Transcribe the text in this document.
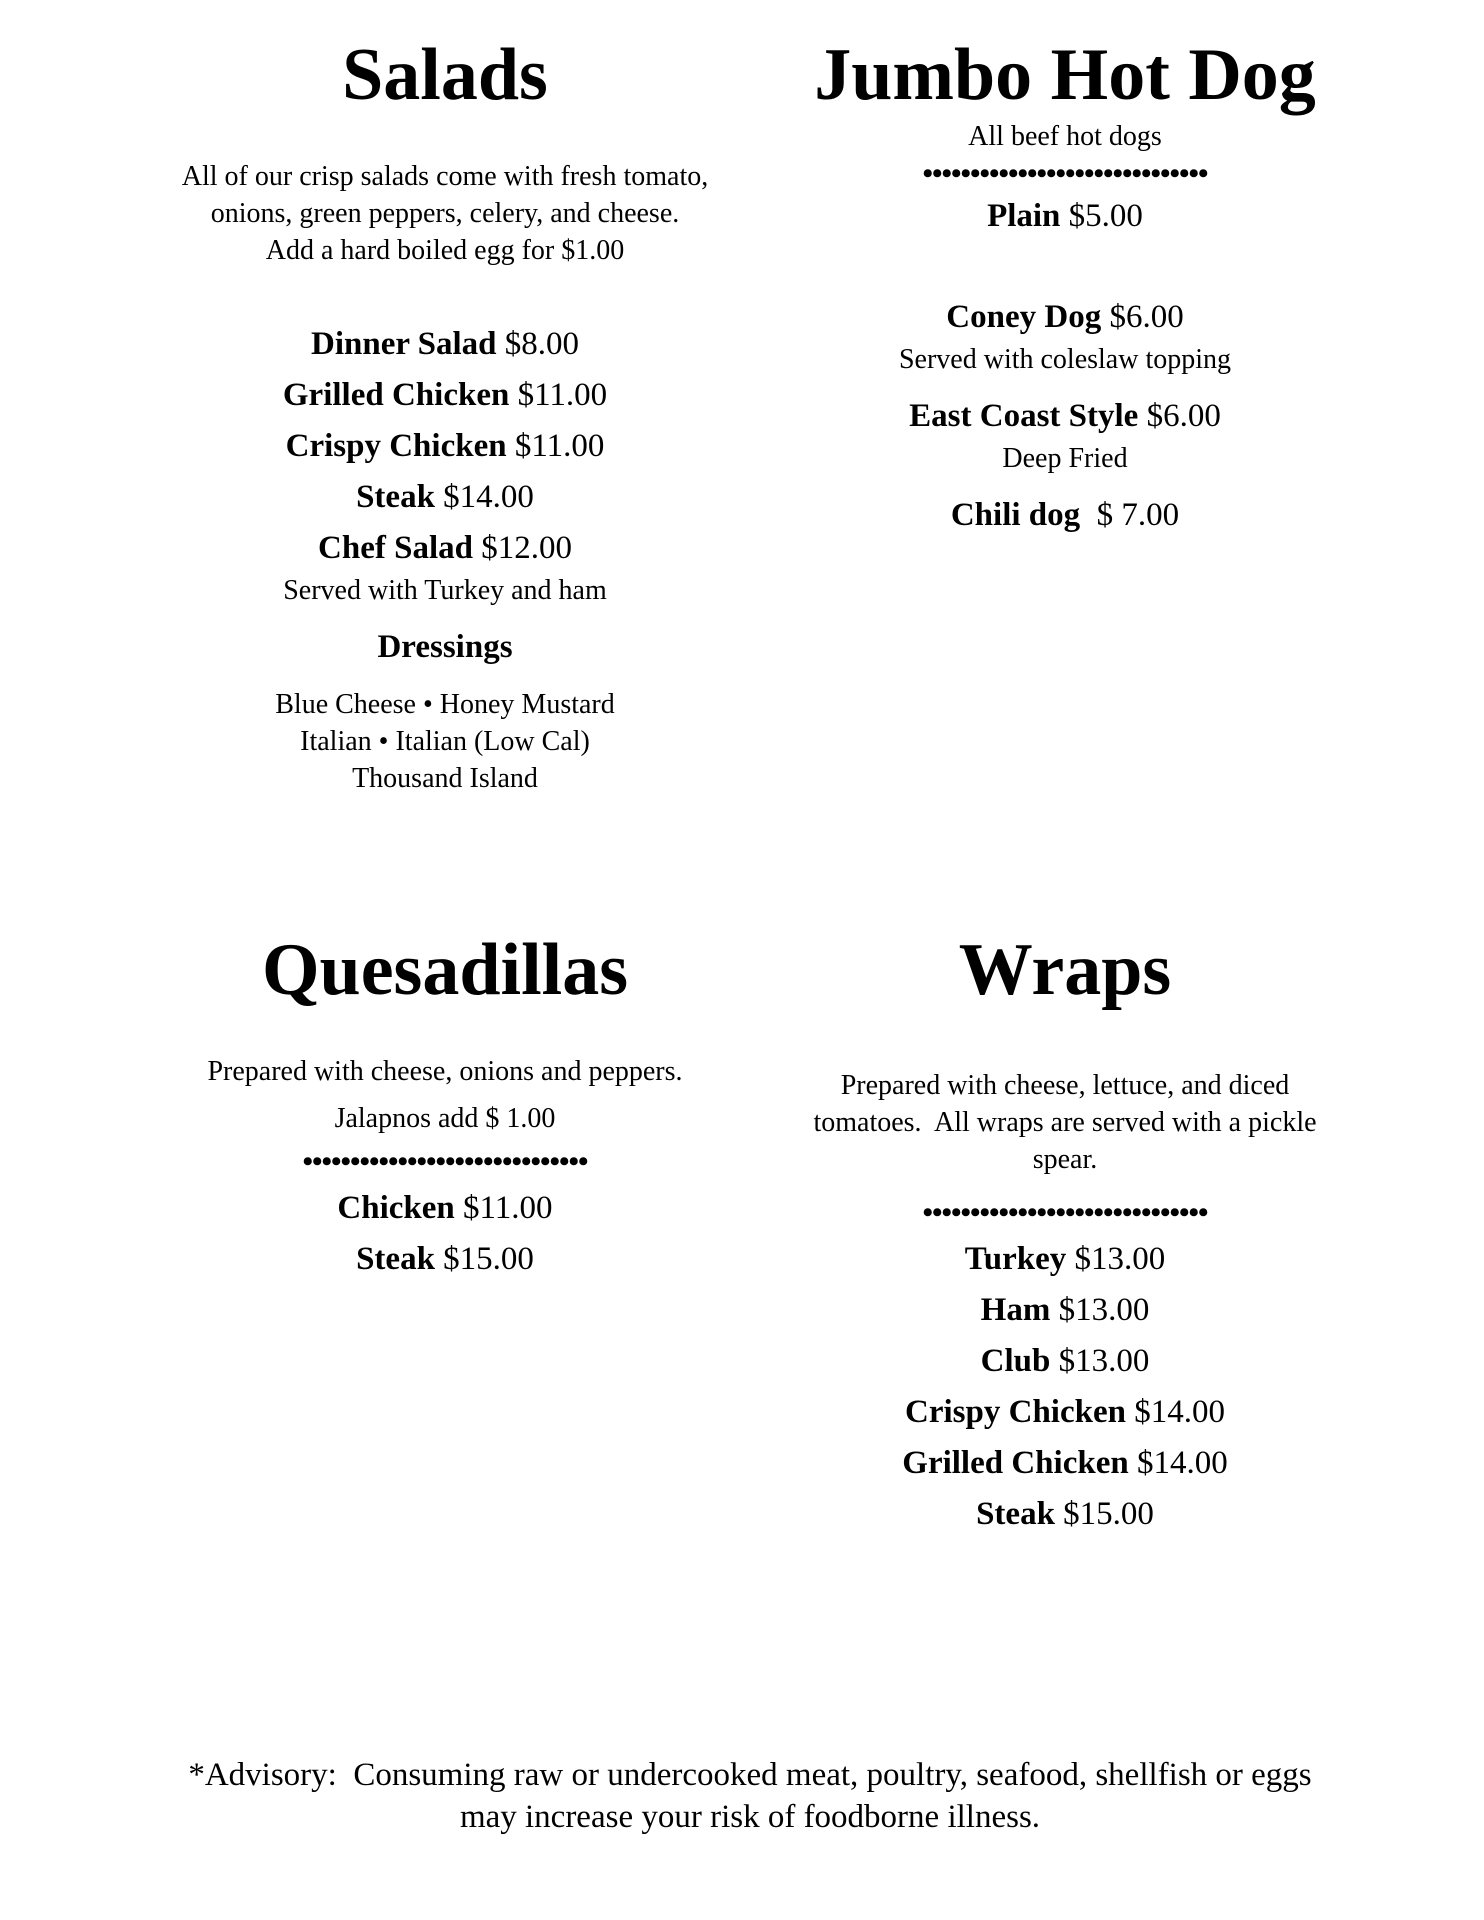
Salads

All of our crisp salads come with fresh tomato,

onions, green peppers, celery, and cheese.

Add a hard boiled egg for $1.00

Dinner Salad $8.00

Grilled Chicken $11.00

Crispy Chicken $11.00

Steak $14.00

Chef Salad $12.00

Served with Turkey and ham

Dressings

Blue Cheese • Honey Mustard

Italian • Italian (Low Cal)

Thousand Island

Jumbo Hot Dog

All beef hot dogs

••••••••••••••••••••••••••••••

Plain $5.00

Coney Dog $6.00

Served with coleslaw topping

East Coast Style $6.00

Deep Fried

Chili dog  $ 7.00

Quesadillas

Prepared with cheese, onions and peppers.

Jalapnos add $ 1.00

••••••••••••••••••••••••••••••

Chicken $11.00

Steak $15.00

Wraps

Prepared with cheese, lettuce, and diced

tomatoes.  All wraps are served with a pickle

spear.

••••••••••••••••••••••••••••••

Turkey $13.00

Ham $13.00

Club $13.00

Crispy Chicken $14.00

Grilled Chicken $14.00

Steak $15.00

*Advisory:  Consuming raw or undercooked meat, poultry, seafood, shellfish or eggs
may increase your risk of foodborne illness.
